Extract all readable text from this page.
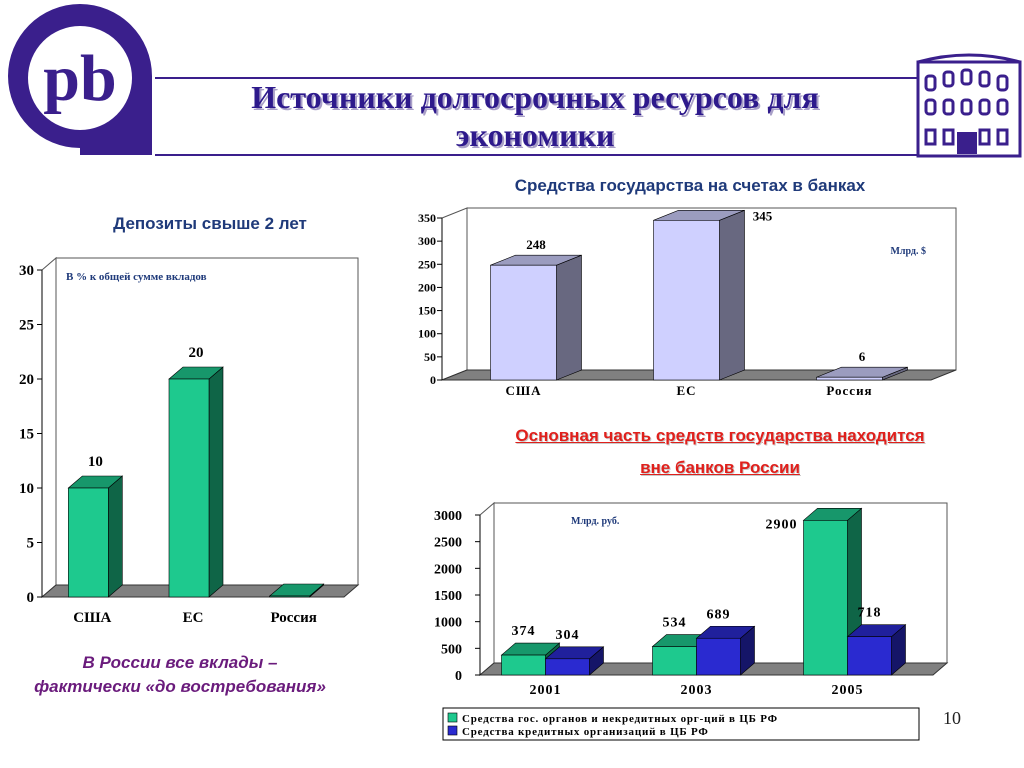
pb	Источники долгосрочных ресурсов для
экономики
Депозиты свыше 2 лет
Средства государства на счетах в банках
Основная часть средств государства находится
вне банков России
В России все вклады –
фактически «до востребования»
10
0
5
10
15
20
25
30
10
США
20
ЕС	Россия
В % к общей сумме вкладов
0
50
100
150
200
250
300
350
248
США
345
ЕС
6
Россия
Млрд. $
0
500
1000
1500
2000
2500
3000
374 304
2001
534
689
2003
2900
718
2005
Млрд. руб.
Средства гос. органов и некредитных орг-ций в ЦБ РФ
Средства кредитных организаций в ЦБ РФ
